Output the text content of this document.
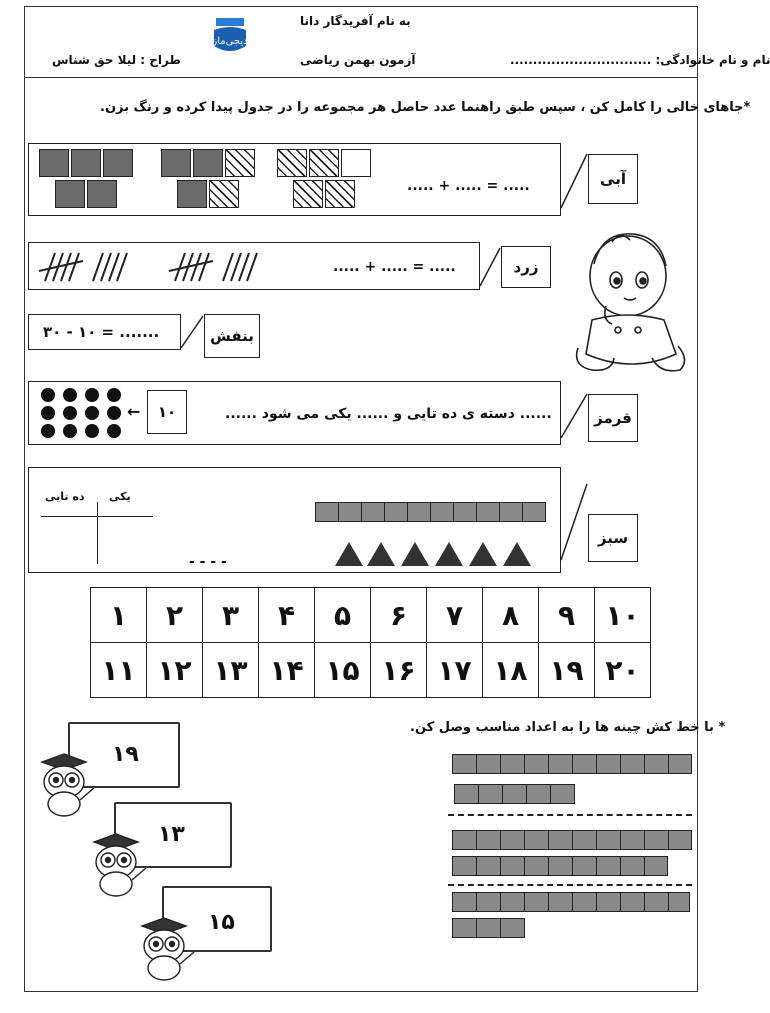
به نام آفریدگار دانا
دیجی‌ماز
آزمون بهمن ریاضی
طراح : لیلا حق شناس	نام و نام خانوادگی: ...............................
*جاهای خالی را کامل کن ، سپس طبق راهنما عدد حاصل هر مجموعه را در جدول پیدا کرده و رنگ بزن.
..... + ..... = .....	آبی
..... + ..... = .....	زرد
۳۰ - ۱۰ = .......	بنفش
←	۱۰	...... دسته ی ده تایی و ...... یکی می شود ......	قرمز
ده تایی یکی
- - - -
سبز
۱	۲	۳	۴	۵	۶	۷	۸	۹	۱۰
۱۱	۱۲	۱۳	۱۴	۱۵	۱۶	۱۷	۱۸	۱۹	۲۰
* با خط کش چینه ها را به اعداد مناسب وصل کن.
۱۹
۱۳
۱۵
